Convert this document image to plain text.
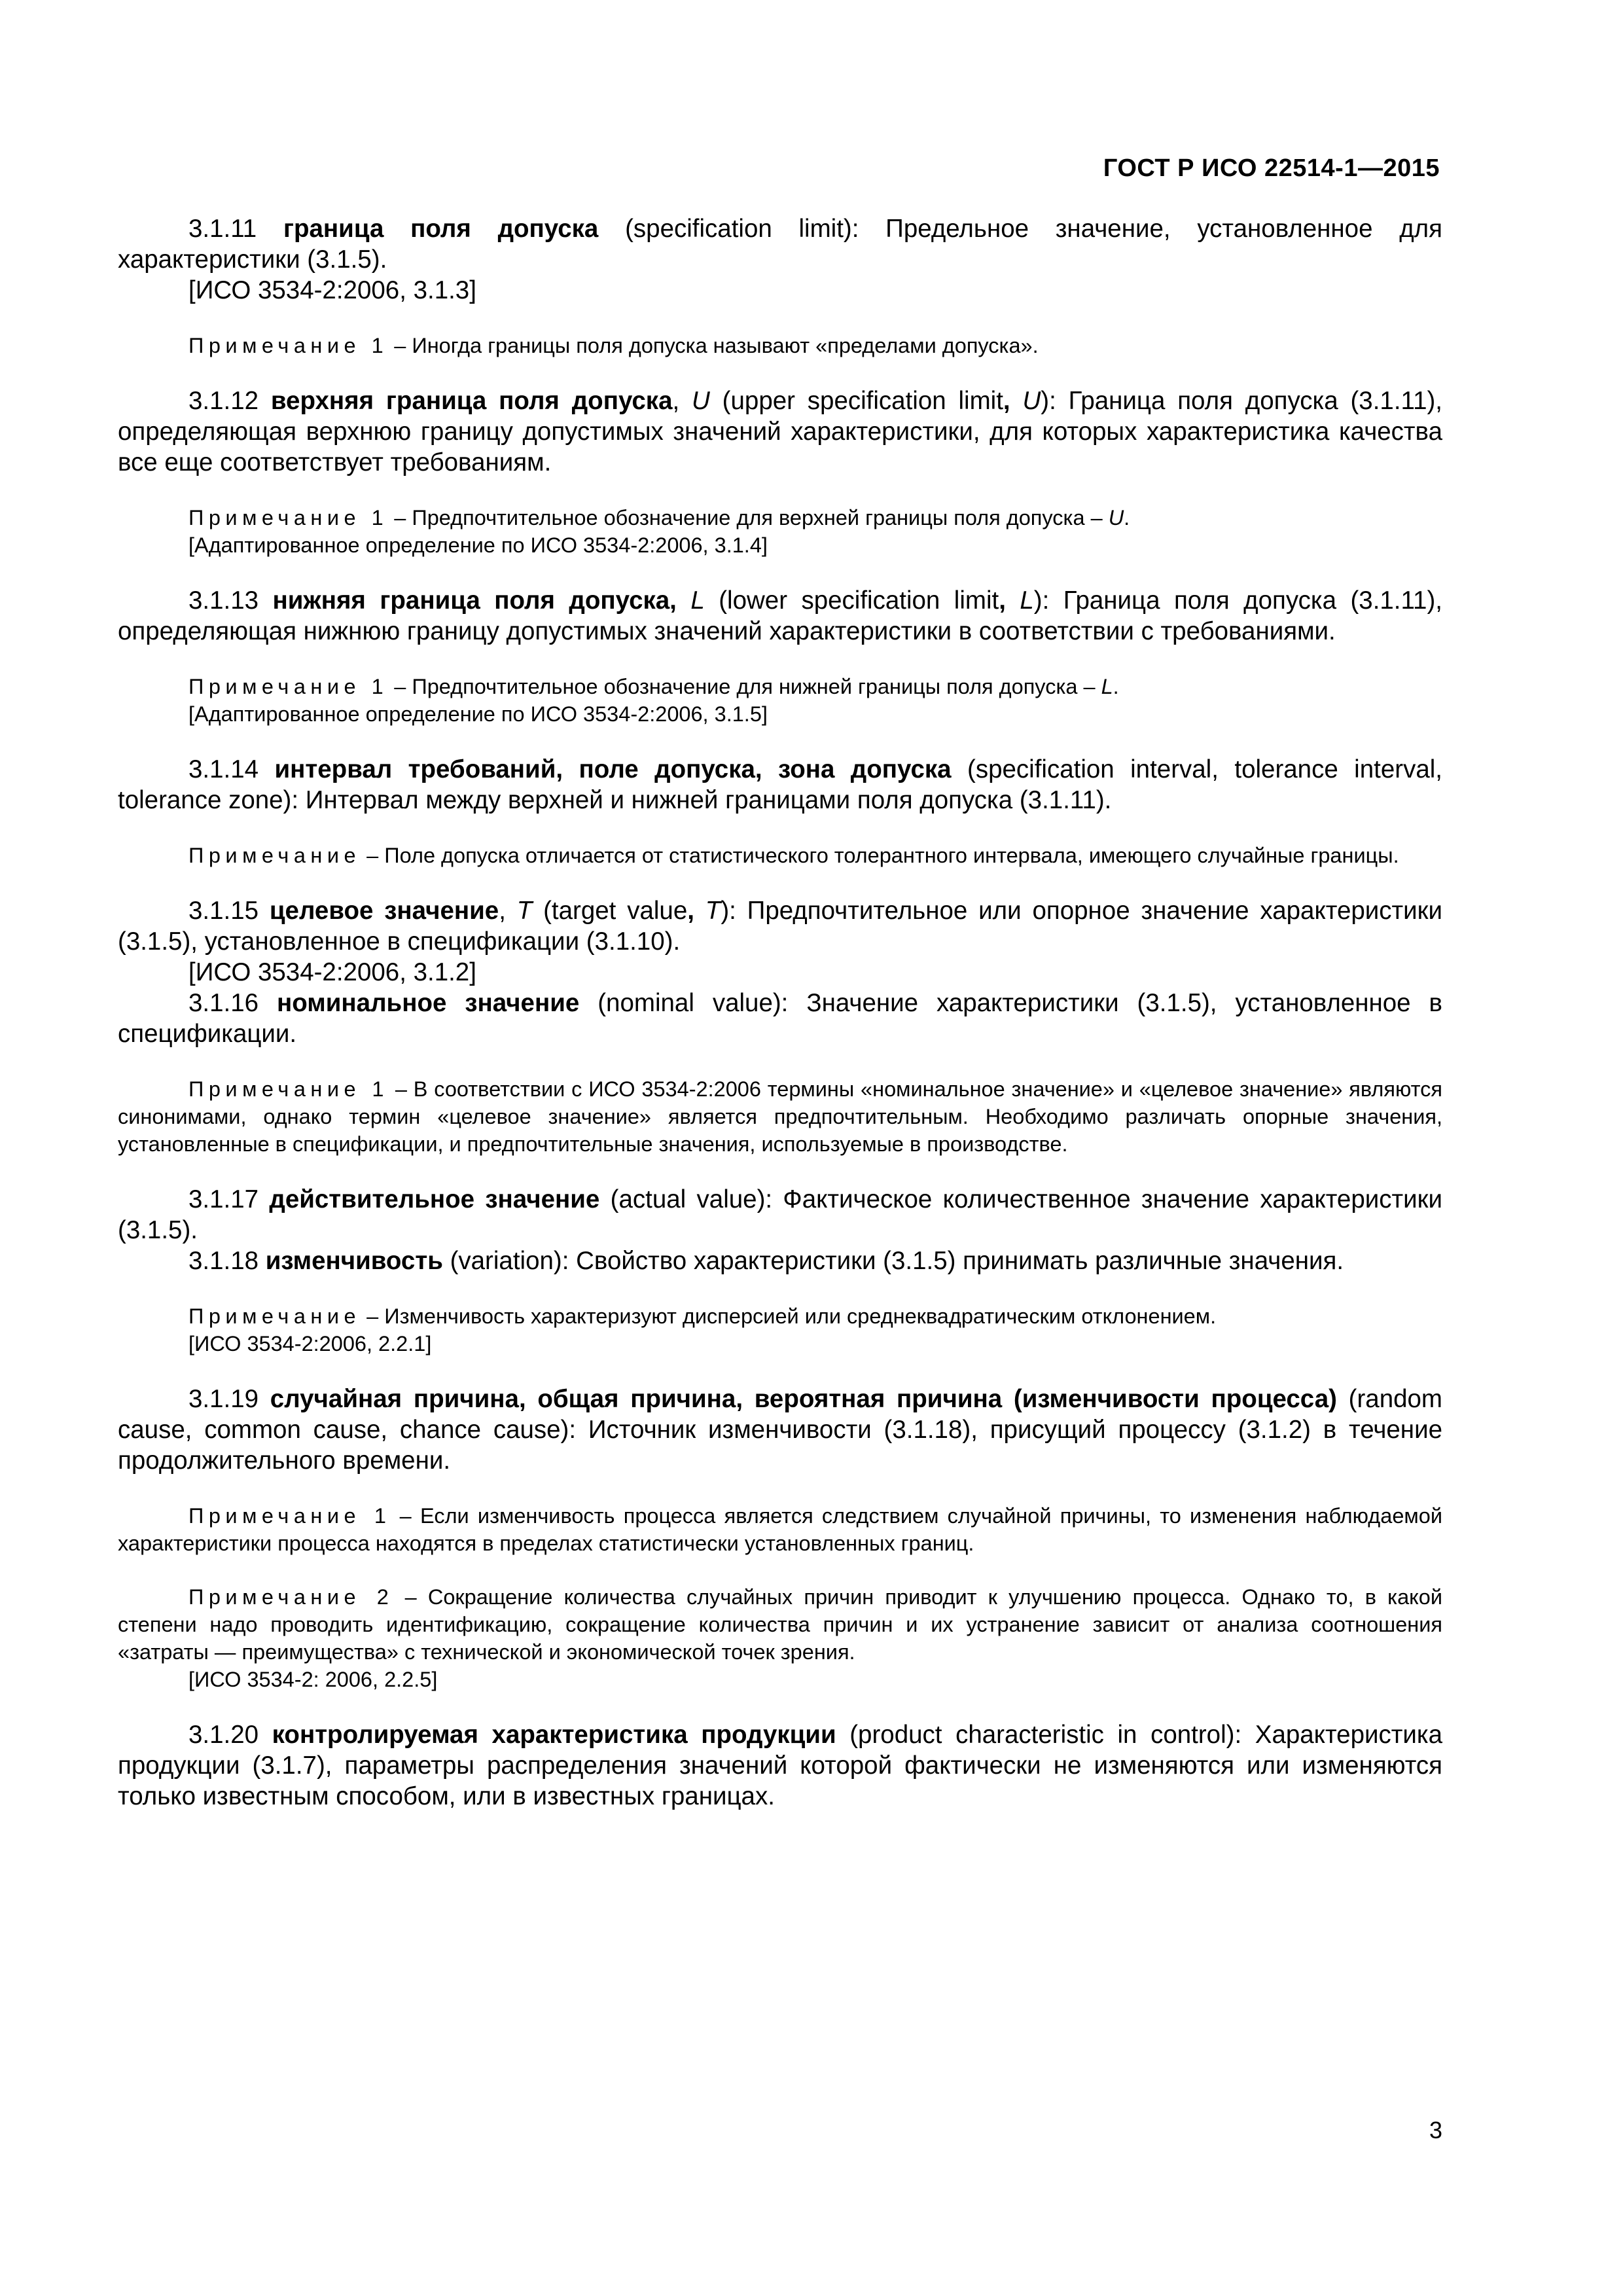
ГОСТ Р ИСО 22514-1—2015

3.1.11 граница поля допуска (specification limit): Предельное значение, установленное для характеристики (3.1.5).

[ИСО 3534-2:2006, 3.1.3]

Примечание 1 – Иногда границы поля допуска называют «пределами допуска».

3.1.12 верхняя граница поля допуска, U (upper specification limit, U): Граница поля допуска (3.1.11), определяющая верхнюю границу допустимых значений характеристики, для которых характеристика качества все еще соответствует требованиям.

Примечание 1 – Предпочтительное обозначение для верхней границы поля допуска – U.

[Адаптированное определение по ИСО 3534-2:2006, 3.1.4]

3.1.13 нижняя граница поля допуска, L (lower specification limit, L): Граница поля допуска (3.1.11), определяющая нижнюю границу допустимых значений характеристики в соответствии с требованиями.

Примечание 1 – Предпочтительное обозначение для нижней границы поля допуска – L.

[Адаптированное определение по ИСО 3534-2:2006, 3.1.5]

3.1.14 интервал требований, поле допуска, зона допуска (specification interval, tolerance interval, tolerance zone): Интервал между верхней и нижней границами поля допуска (3.1.11).

Примечание – Поле допуска отличается от статистического толерантного интервала, имеющего случайные границы.

3.1.15 целевое значение, T (target value, T): Предпочтительное или опорное значение характеристики (3.1.5), установленное в спецификации (3.1.10).

[ИСО 3534-2:2006, 3.1.2]

3.1.16 номинальное значение (nominal value): Значение характеристики (3.1.5), установленное в спецификации.

Примечание 1 – В соответствии с ИСО 3534-2:2006 термины «номинальное значение» и «целевое значение» являются синонимами, однако термин «целевое значение» является предпочтительным. Необходимо различать опорные значения, установленные в спецификации, и предпочтительные значения, используемые в производстве.

3.1.17 действительное значение (actual value): Фактическое количественное значение характеристики (3.1.5).

3.1.18 изменчивость (variation): Свойство характеристики (3.1.5) принимать различные значения.

Примечание – Изменчивость характеризуют дисперсией или среднеквадратическим отклонением.

[ИСО 3534-2:2006, 2.2.1]

3.1.19 случайная причина, общая причина, вероятная причина (изменчивости процесса) (random cause, common cause, chance cause): Источник изменчивости (3.1.18), присущий процессу (3.1.2) в течение продолжительного времени.

Примечание 1 – Если изменчивость процесса является следствием случайной причины, то изменения наблюдаемой характеристики процесса находятся в пределах статистически установленных границ.

Примечание 2 – Сокращение количества случайных причин приводит к улучшению процесса. Однако то, в какой степени надо проводить идентификацию, сокращение количества причин и их устранение зависит от анализа соотношения «затраты — преимущества» с технической и экономической точек зрения.

[ИСО 3534-2: 2006, 2.2.5]

3.1.20 контролируемая характеристика продукции (product characteristic in control): Характеристика продукции (3.1.7), параметры распределения значений которой фактически не изменяются или изменяются только известным способом, или в известных границах.

3
